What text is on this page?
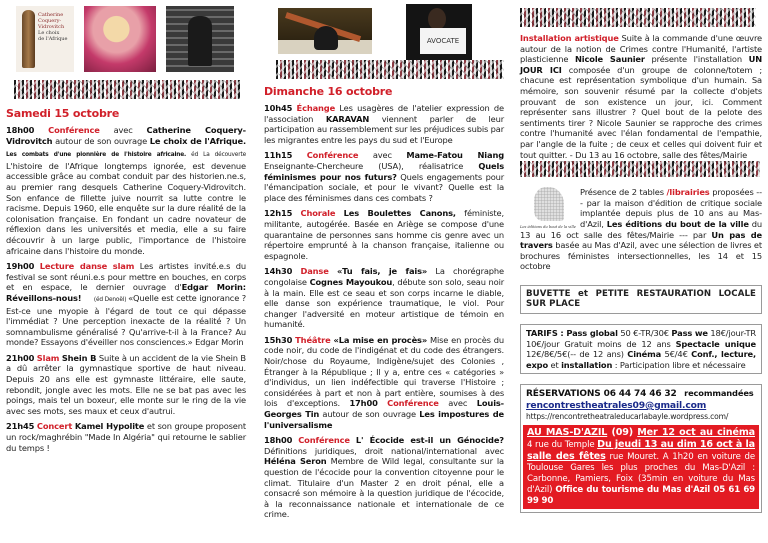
Catherine
Coquery-
Vidrovitch
Le choix
de l'Afrique
Samedi 15 octobre

18h00 Conférence avec Catherine Coquery-Vidrovitch autour de son ouvrage Le choix de l'Afrique. Les combats d'une pionnière de l'histoire africaine. éd La découverte L'histoire de l'Afrique longtemps ignorée, est devenue accessible grâce au combat conduit par des historien.ne.s, au premier rang desquels Catherine Coquery-Vidrovitch. Son enfance de fillette juive nourrit sa lutte contre le racisme. Depuis 1960, elle enquête sur la dure réalité de la colonisation française. En fondant un cadre novateur de réflexion dans les universités et media, elle a su faire découvrir à un large public, l'importance de l'histoire africaine dans l'histoire du monde.

19h00 Lecture danse slam Les artistes invité.e.s du festival se sont réuni.e.s pour mettre en bouches, en corps et en espace, le dernier ouvrage d'Edgar Morin: Réveillons-nous!       (éd Denoël) «Quelle est cette ignorance ? Est-ce une myopie à l'égard de tout ce qui dépasse l'immédiat ? Une perception inexacte de la réalité ? Un somnambulisme généralisé ? Qu'arrive-t-il à la France? Au monde? Essayons d'éveiller nos consciences.» Edgar Morin

21h00 Slam Shein B Suite à un accident de la vie Shein B a dû arrêter la gymnastique sportive de haut niveau. Depuis 20 ans elle est gymnaste littéraire, elle saute, rebondit, jongle avec les mots. Elle ne se bat pas avec les poings, mais tel un boxeur, elle monte sur le ring de la vie avec ses mots, ses maux et ceux d'autrui.

21h45 Concert Kamel Hypolite et son groupe proposent un rock/maghrébin "Made In Algéria" qui retourne le sablier du temps !

AVOCATE
Dimanche 16 octobre

10h45 Échange Les usagères de l'atelier expression de l'association KARAVAN viennent parler de leur participation au rassemblement sur les préjudices subis par les migrantes entre les pays du sud et l'Europe

11h15 Conférence avec Mame-Fatou Niang Enseignante-Chercheure (USA), réalisatrice Quels féminismes pour nos futurs? Quels engagements pour l'émancipation sociale, et pour le vivant? Quelle est la place des féminismes dans ces combats ?

12h15 Chorale Les Boulettes Canons, féministe, militante, autogérée. Basée en Ariège se compose d'une quarantaine de personnes sans homme cis genre avec un répertoire emprunté à la chanson française, italienne ou espagnole.

14h30 Danse «Tu fais, je fais» La chorégraphe congolaise Cognes Mayoukou, débute son solo, seau noir à la main. Elle est ce seau et son corps incarne le diable, elle danse son expérience traumatique, le viol. Pour changer l'adversité en moteur artistique de témoin en humanité.

15h30 Théâtre «La mise en procès» Mise en procès du code noir, du code de l'indigénat et du code des étrangers. Noir/chose du Royaume, Indigène/sujet des Colonies , Étranger à la République ; Il y a, entre ces « catégories » d'individus, un lien indéfectible qui traverse l'Histoire ; considérées à part et non à part entière, soumises à des lois d'exceptions. 17h00 Conférence avec Louis-Georges Tin autour de son ouvrage Les impostures de l'universalisme

18h00 Conférence L' Écocide est-il un Génocide? Définitions juridiques, droit national/international avec Héléna Seron Membre de Wild legal, consultante sur la question de l'écocide pour la convention citoyenne pour le climat. Titulaire d'un Master 2 en droit pénal, elle a consacré son mémoire à la question juridique de l'écocide, à la reconnaissance nationale et internationale de ce crime.

Installation artistique Suite à la commande d'une œuvre autour de la notion de Crimes contre l'Humanité, l'artiste plasticienne Nicole Saunier présente l'installation UN JOUR ICI composée d'un groupe de colonne/totem ; chacune est représentation symbolique d'un humain. Sa mémoire, son souvenir résumé par la collecte d'objets prouvant de son existence un jour, ici. Comment représenter sans illustrer ? Quel bout de la pelote des sentiments tirer ? Nicole Saunier se rapproche des crimes contre l'humanité avec l'élan fondamental de l'empathie, par l'angle de la fuite ; de ceux et celles qui doivent fuir et tout quitter. - Du 13 au 16 octobre, salle des fêtes/Mairie

Les éditions du bout de la ville

Présence de 2 tables /librairies proposées --- par la maison d'édition de critique sociale implantée depuis plus de 10 ans au Mas-d'Azil, Les éditions du bout de la ville du 13 au 16 oct salle des fêtes/Mairie --- par Un pas de travers basée au Mas d'Azil, avec une sélection de livres et brochures féministes intersectionnelles, les 14 et 15 octobre

BUVETTE et PETITE RESTAURATION LOCALE SUR PLACE

TARIFS : Pass global 50 €-TR/30€ Pass we 18€/jour-TR 10€/jour Gratuit moins de 12 ans Spectacle unique 12€/8€/5€(-- de 12 ans) Cinéma 5€/4€ Conf., lecture, expo et installation : Participation libre et nécessaire

RÉSERVATIONS 06 44 74 46 32 recommandées

rencontrestheatrales09@gmail.com

https://rencontretheatraleducarlabayle.wordpress.com/

AU MAS-D'AZIL (09) Mer 12 oct au cinéma 4 rue du Temple Du jeudi 13 au dim 16 oct à la salle des fêtes rue Mouret. A 1h20 en voiture de Toulouse Gares les plus proches du Mas-D'Azil : Carbonne, Pamiers, Foix (35min en voiture du Mas d'Azil) Office du tourisme du Mas d'Azil 05 61 69 99 90
